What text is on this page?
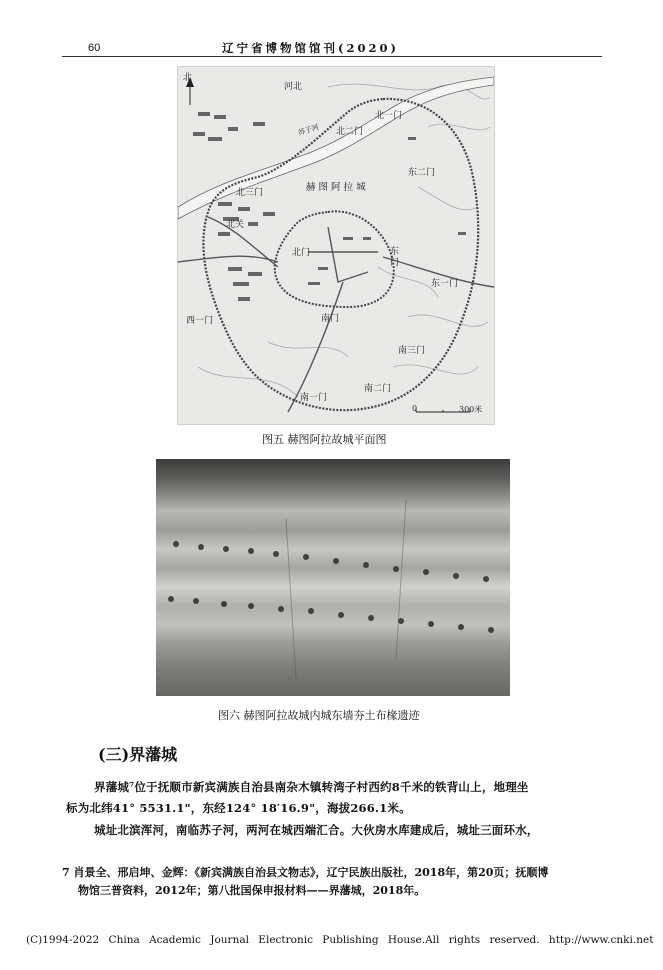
60	辽宁省博物馆馆刊(2020)
北
河北
苏子河
北一门
北二门
东二门
赫 图 阿 拉 城
北三门
北关
北门	东门
东一门
西一门	南门
南三门
南二门
南一门
0	300米
图五 赫图阿拉故城平面图
图六 赫图阿拉故城内城东墙夯土布椽遗迹
(三)界藩城
界藩城⁷位于抚顺市新宾满族自治县南杂木镇转湾子村西约8千米的铁背山上，地理坐
标为北纬41° 5531.1"，东经124° 18′16.9"，海拔266.1米。
城址北滨浑河，南临苏子河，两河在城西端汇合。大伙房水库建成后，城址三面环水，
7 肖景全、邢启坤、金辉：《新宾满族自治县文物志》，辽宁民族出版社，2018年，第20页；抚顺博
物馆三普资料，2012年；第八批国保申报材料——界藩城，2018年。
(C)1994-2022 China Academic Journal Electronic Publishing House.All rights reserved. http://www.cnki.net
